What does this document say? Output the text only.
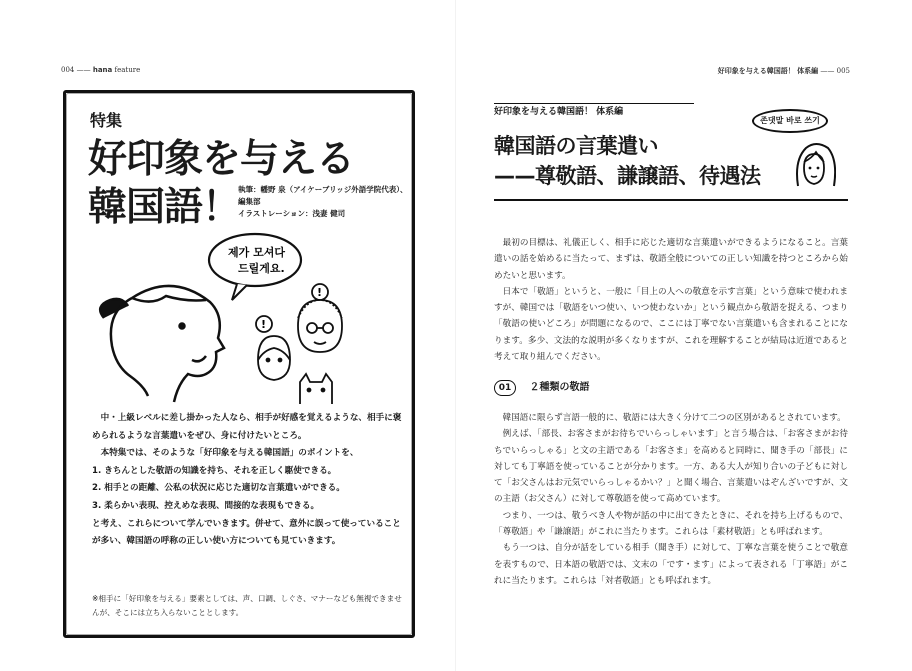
004 —— hana feature	好印象を与える韓国語！ 体系編 —— 005
特集
好印象を与える
韓国語！
執筆：幡野 泉（アイケーブリッジ外語学院代表）、
編集部
イラストレーション：浅妻 健司
제가 모셔다
드릴게요.
!
!

中・上級レベルに差し掛かった人なら、相手が好感を覚えるような、相手に褒められるような言葉遣いをぜひ、身に付けたいところ。

本特集では、そのような「好印象を与える韓国語」のポイントを、

1. きちんとした敬語の知識を持ち、それを正しく駆使できる。
2. 相手との距離、公私の状況に応じた適切な言葉遣いができる。
3. 柔らかい表現、控えめな表現、間接的な表現もできる。

と考え、これらについて学んでいきます。併せて、意外に誤って使っていることが多い、韓国語の呼称の正しい使い方についても見ていきます。

※相手に「好印象を与える」要素としては、声、口調、しぐさ、マナーなども無視できませんが、そこには立ち入らないこととします。
好印象を与える韓国語！ 体系編
韓国語の言葉遣い
——尊敬語、謙譲語、待遇法
존댓말 바로 쓰기

最初の目標は、礼儀正しく、相手に応じた適切な言葉遣いができるようになること。言葉遣いの話を始めるに当たって、まずは、敬語全般についての正しい知識を持つところから始めたいと思います。

日本で「敬語」というと、一般に「目上の人への敬意を示す言葉」という意味で使われますが、韓国では「敬語をいつ使い、いつ使わないか」という観点から敬語を捉える、つまり「敬語の使いどころ」が問題になるので、ここには丁寧でない言葉遣いも含まれることになります。多少、文法的な説明が多くなりますが、これを理解することが結局は近道であると考えて取り組んでください。

01 ２種類の敬語

韓国語に限らず言語一般的に、敬語には大きく分けて二つの区別があるとされています。

例えば、「部長、お客さまがお待ちでいらっしゃいます」と言う場合は、「お客さまがお待ちでいらっしゃる」と文の主語である「お客さま」を高めると同時に、聞き手の「部長」に対しても丁寧語を使っていることが分かります。一方、ある大人が知り合いの子どもに対して「お父さんはお元気でいらっしゃるかい？」と聞く場合、言葉遣いはぞんざいですが、文の主語（お父さん）に対して尊敬語を使って高めています。

つまり、一つは、敬うべき人や物が話の中に出てきたときに、それを持ち上げるもので、「尊敬語」や「謙譲語」がこれに当たります。これらは「素材敬語」とも呼ばれます。

もう一つは、自分が話をしている相手（聞き手）に対して、丁寧な言葉を使うことで敬意を表すもので、日本語の敬語では、文末の「です・ます」によって表される「丁寧語」がこれに当たります。これらは「対者敬語」とも呼ばれます。
